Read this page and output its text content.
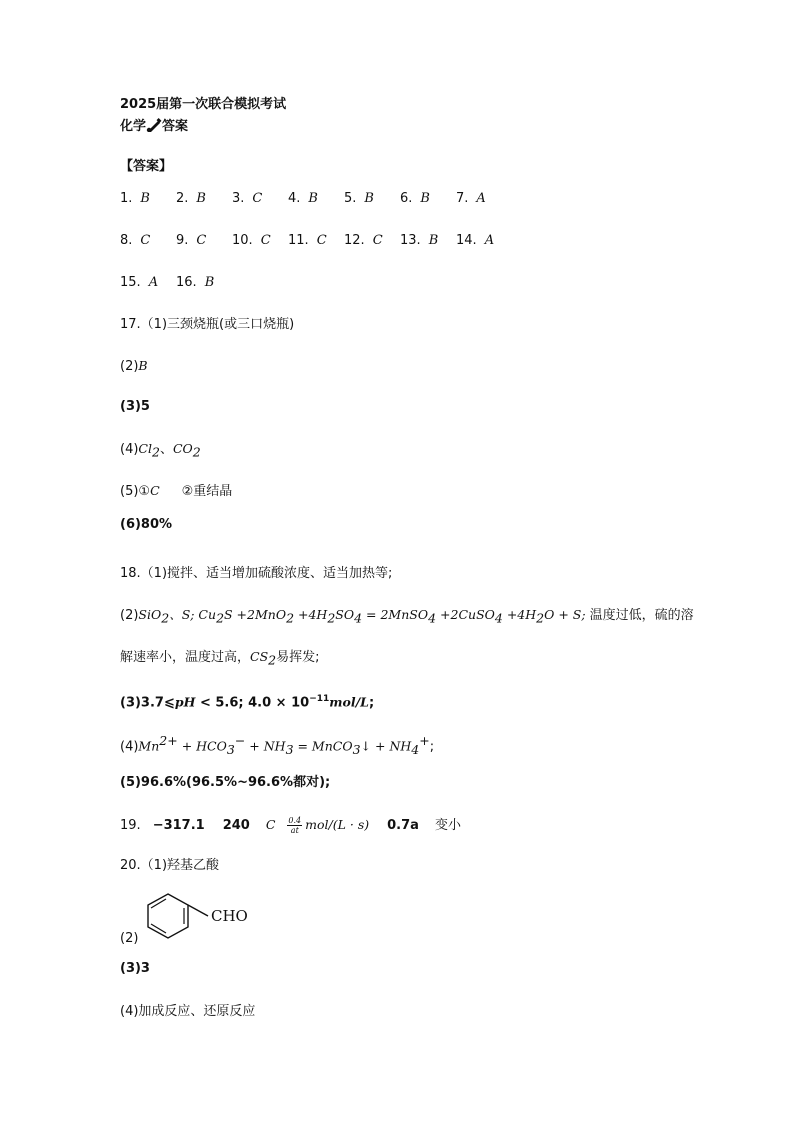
2025届第一次联合模拟考试
化学 答案
【答案】
1. B 2. B 3. C 4. B 5. B 6. B 7. A
8. C 9. C 10. C 11. C 12. C 13. B 14. A
15. A 16. B
17.（1)三颈烧瓶(或三口烧瓶)
(2)B
(3)5
$(4)Cl_2$、$CO_2$
(5)①C ②重结晶
(6)80%
18.（1)搅拌、适当增加硫酸浓度、适当加热等;
(2)SiO$_2$、S; $Cu_2S +2MnO_2 +4H_2SO_4$ = 2MnSO$_4$ +2CuSO$_4$ $+4H_2O + S$; 温度过低，硫的溶
解速率小，温度过高，$CS_2$易挥发;
(3)3.7⩽pH < 5.6; $4.0 \times 10^{-11}mol/L$;
$(4)Mn^{2+} + HCO_3^- + NH_3$ = MnCO$_3$↓ + $NH_4^+$;
(5)96.6%(96.5%~96.6%都对);
19. −317.1 240 C $\frac{0.4}{at} mol/(L \cdot s)$ 0.7a 变小
20.（1)羟基乙酸
CHO
(2)
(3)3
(4)加成反应、还原反应
